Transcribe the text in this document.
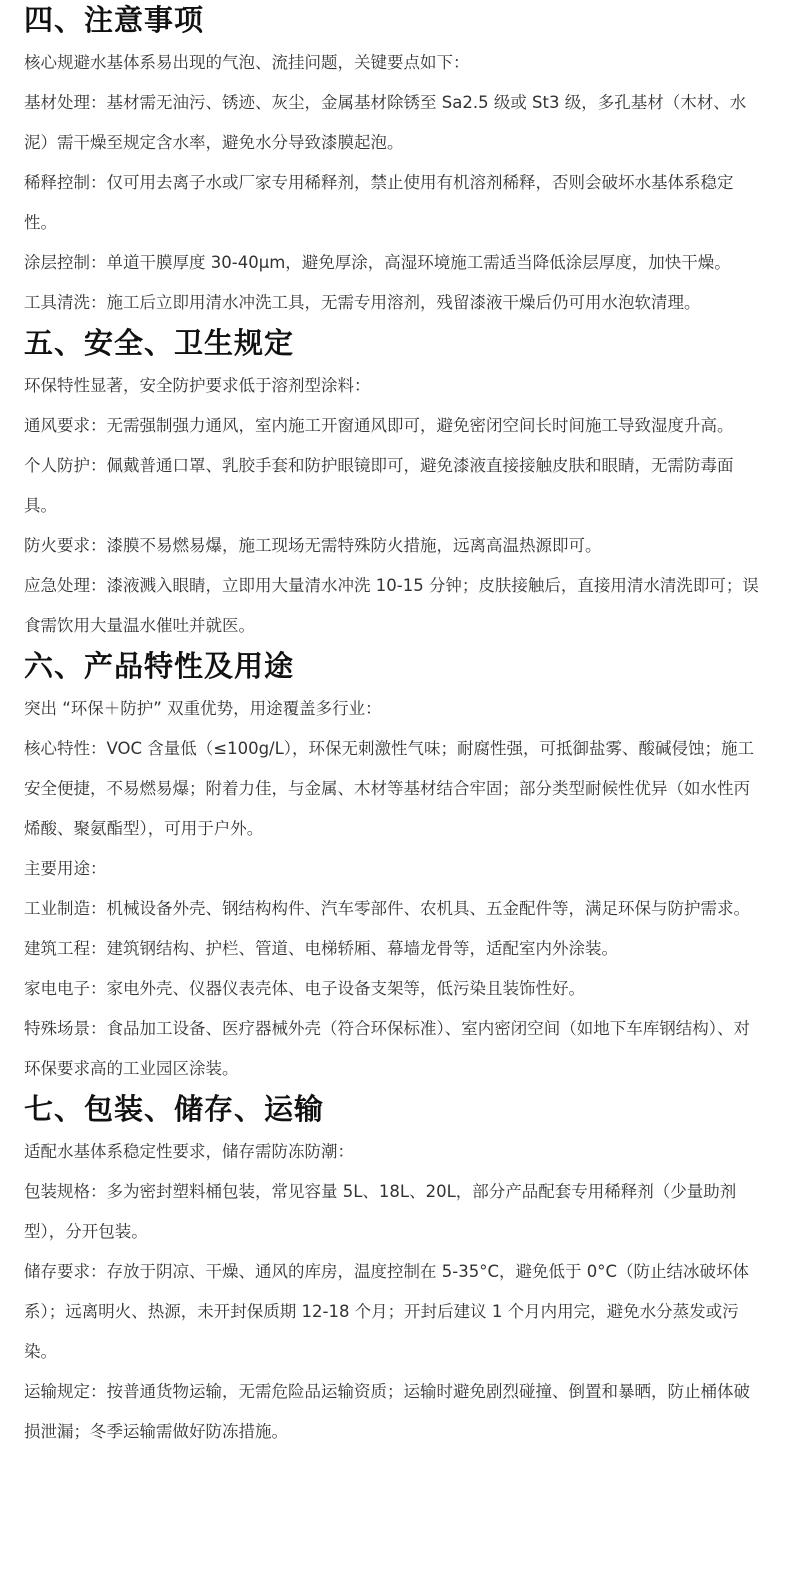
四、注意事项

核心规避水基体系易出现的气泡、流挂问题，关键要点如下：

基材处理：基材需无油污、锈迹、灰尘，金属基材除锈至 Sa2.5 级或 St3 级，多孔基材（木材、水泥）需干燥至规定含水率，避免水分导致漆膜起泡。

稀释控制：仅可用去离子水或厂家专用稀释剂，禁止使用有机溶剂稀释，否则会破坏水基体系稳定性。

涂层控制：单道干膜厚度 30-40μm，避免厚涂，高湿环境施工需适当降低涂层厚度，加快干燥。

工具清洗：施工后立即用清水冲洗工具，无需专用溶剂，残留漆液干燥后仍可用水泡软清理。

五、安全、卫生规定

环保特性显著，安全防护要求低于溶剂型涂料：

通风要求：无需强制强力通风，室内施工开窗通风即可，避免密闭空间长时间施工导致湿度升高。

个人防护：佩戴普通口罩、乳胶手套和防护眼镜即可，避免漆液直接接触皮肤和眼睛，无需防毒面具。

防火要求：漆膜不易燃易爆，施工现场无需特殊防火措施，远离高温热源即可。

应急处理：漆液溅入眼睛，立即用大量清水冲洗 10-15 分钟；皮肤接触后，直接用清水清洗即可；误食需饮用大量温水催吐并就医。

六、产品特性及用途

突出 “环保＋防护” 双重优势，用途覆盖多行业：

核心特性：VOC 含量低（≤100g/L），环保无刺激性气味；耐腐性强，可抵御盐雾、酸碱侵蚀；施工安全便捷，不易燃易爆；附着力佳，与金属、木材等基材结合牢固；部分类型耐候性优异（如水性丙烯酸、聚氨酯型），可用于户外。

主要用途：

工业制造：机械设备外壳、钢结构构件、汽车零部件、农机具、五金配件等，满足环保与防护需求。

建筑工程：建筑钢结构、护栏、管道、电梯轿厢、幕墙龙骨等，适配室内外涂装。

家电电子：家电外壳、仪器仪表壳体、电子设备支架等，低污染且装饰性好。

特殊场景：食品加工设备、医疗器械外壳（符合环保标准）、室内密闭空间（如地下车库钢结构）、对环保要求高的工业园区涂装。

七、包装、储存、运输

适配水基体系稳定性要求，储存需防冻防潮：

包装规格：多为密封塑料桶包装，常见容量 5L、18L、20L，部分产品配套专用稀释剂（少量助剂型），分开包装。

储存要求：存放于阴凉、干燥、通风的库房，温度控制在 5-35°C，避免低于 0°C（防止结冰破坏体系）；远离明火、热源，未开封保质期 12-18 个月；开封后建议 1 个月内用完，避免水分蒸发或污染。

运输规定：按普通货物运输，无需危险品运输资质；运输时避免剧烈碰撞、倒置和暴晒，防止桶体破损泄漏；冬季运输需做好防冻措施。
